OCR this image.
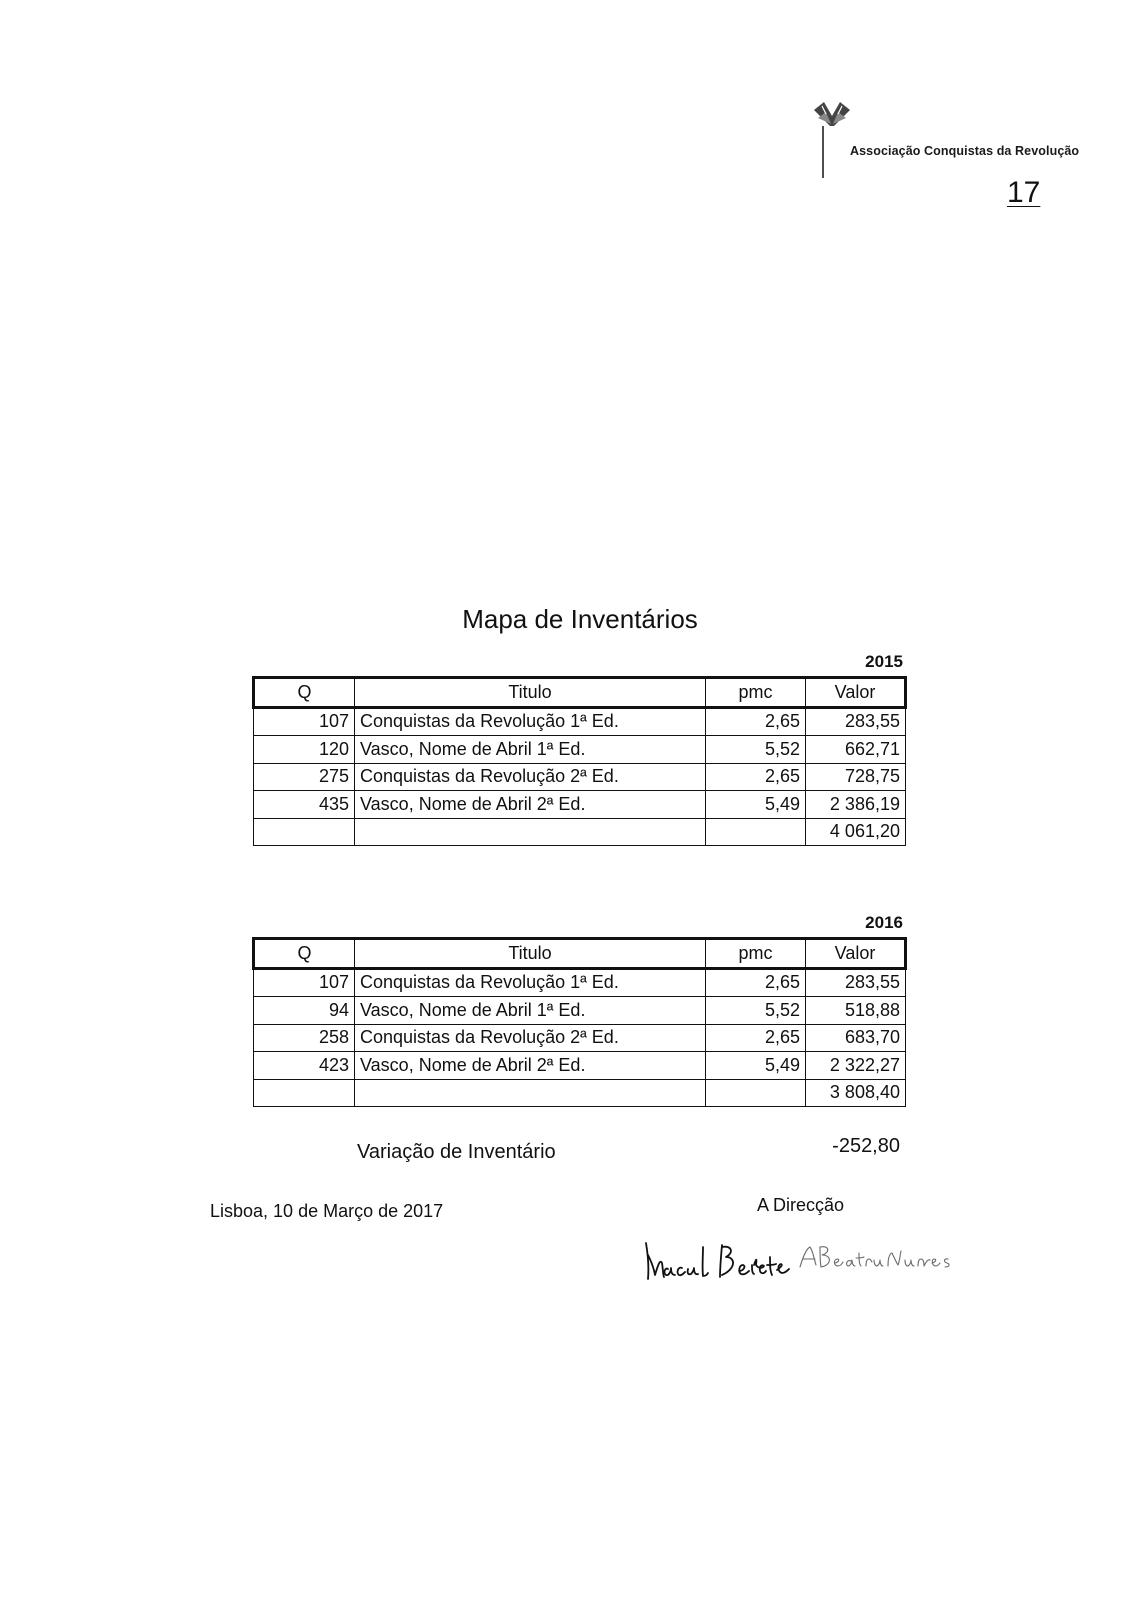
Associação Conquistas da Revolução
17
Mapa de Inventários
2015
Q	Titulo	pmc	Valor
107	Conquistas da Revolução 1ª Ed.	2,65	283,55
120	Vasco, Nome de Abril 1ª Ed.	5,52	662,71
275	Conquistas da Revolução 2ª Ed.	2,65	728,75
435	Vasco, Nome de Abril 2ª Ed.	5,49	2 386,19
			4 061,20
2016
Q	Titulo	pmc	Valor
107	Conquistas da Revolução 1ª Ed.	2,65	283,55
94	Vasco, Nome de Abril 1ª Ed.	5,52	518,88
258	Conquistas da Revolução 2ª Ed.	2,65	683,70
423	Vasco, Nome de Abril 2ª Ed.	5,49	2 322,27
			3 808,40
Variação de Inventário	-252,80
Lisboa, 10 de Março de 2017	A Direcção
